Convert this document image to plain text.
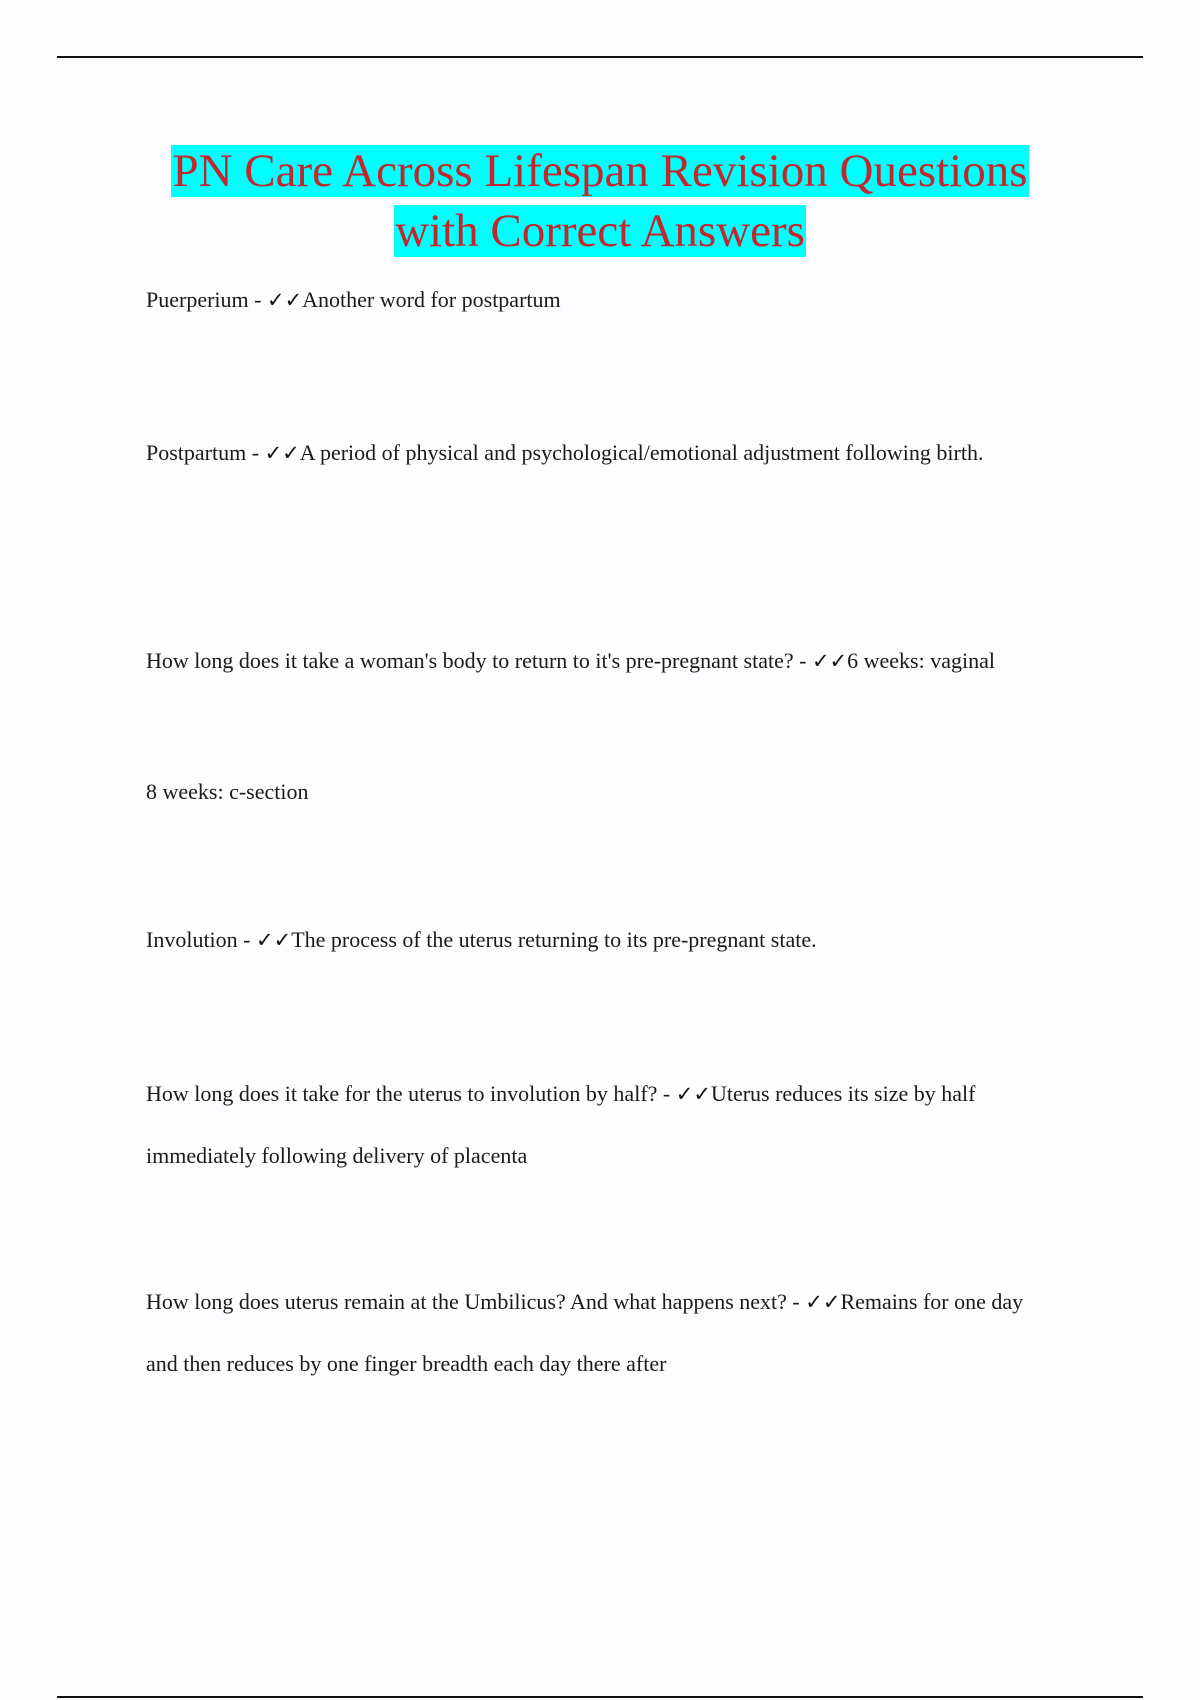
PN Care Across Lifespan Revision Questions
with Correct Answers

Puerperium - ✓✓Another word for postpartum

Postpartum - ✓✓A period of physical and psychological/emotional adjustment following birth.

How long does it take a woman's body to return to it's pre-pregnant state? - ✓✓6 weeks: vaginal

8 weeks: c-section

Involution - ✓✓The process of the uterus returning to its pre-pregnant state.

How long does it take for the uterus to involution by half? - ✓✓Uterus reduces its size by half immediately following delivery of placenta

How long does uterus remain at the Umbilicus? And what happens next? - ✓✓Remains for one day and then reduces by one finger breadth each day there after
